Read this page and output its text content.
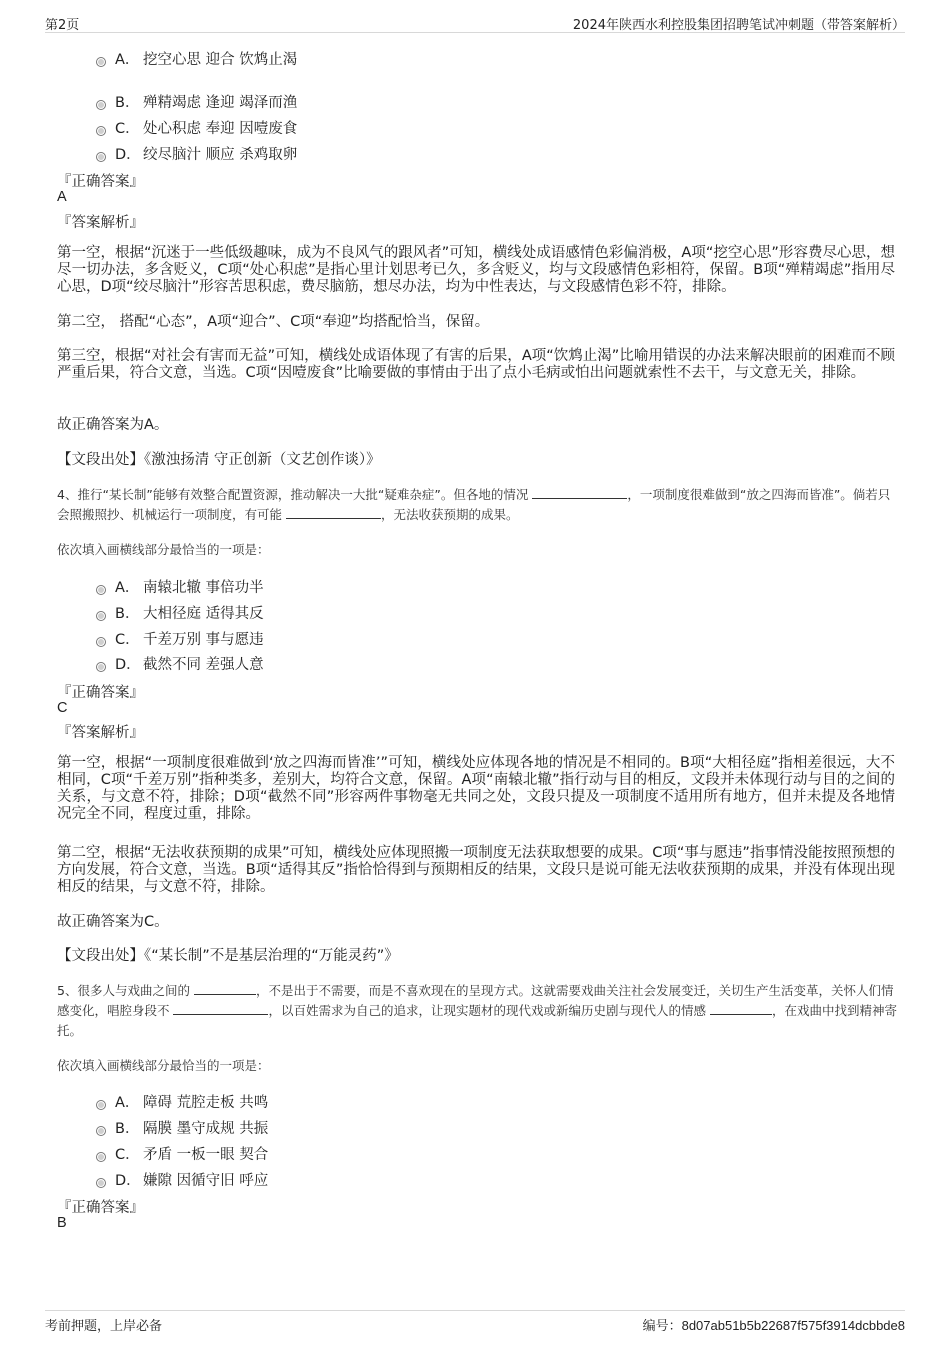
第2页	2024年陕西水利控股集团招聘笔试冲刺题（带答案解析）
A． 挖空心思 迎合 饮鸩止渴
B． 殚精竭虑 逢迎 竭泽而渔
C． 处心积虑 奉迎 因噎废食
D． 绞尽脑汁 顺应 杀鸡取卵
『正确答案』
A
『答案解析』
第一空，根据“沉迷于一些低级趣味，成为不良风气的跟风者”可知，横线处成语感情色彩偏消极，A项“挖空心思”形容费尽心思，想尽一切办法，多含贬义，C项“处心积虑”是指心里计划思考已久，多含贬义，均与文段感情色彩相符，保留。B项“殚精竭虑”指用尽心思，D项“绞尽脑汁”形容苦思积虑，费尽脑筋，想尽办法，均为中性表达，与文段感情色彩不符，排除。
第二空， 搭配“心态”，A项“迎合”、C项“奉迎”均搭配恰当，保留。
第三空，根据“对社会有害而无益”可知，横线处成语体现了有害的后果，A项“饮鸩止渴”比喻用错误的办法来解决眼前的困难而不顾严重后果，符合文意，当选。C项“因噎废食”比喻要做的事情由于出了点小毛病或怕出问题就索性不去干，与文意无关，排除。
故正确答案为A。
【文段出处】《激浊扬清 守正创新（文艺创作谈）》
4、推行“某长制”能够有效整合配置资源，推动解决一大批“疑难杂症”。但各地的情况	，一项制度很难做到“放之四海而皆准”。倘若只会照搬照抄、机械运行一项制度，有可能	，无法收获预期的成果。
依次填入画横线部分最恰当的一项是：
A． 南辕北辙 事倍功半
B． 大相径庭 适得其反
C． 千差万别 事与愿违
D． 截然不同 差强人意
『正确答案』
C
『答案解析』
第一空，根据“一项制度很难做到‘放之四海而皆准’”可知，横线处应体现各地的情况是不相同的。B项“大相径庭”指相差很远，大不相同，C项“千差万别”指种类多，差别大，均符合文意，保留。A项“南辕北辙”指行动与目的相反，文段并未体现行动与目的之间的关系，与文意不符，排除；D项“截然不同”形容两件事物毫无共同之处，文段只提及一项制度不适用所有地方，但并未提及各地情况完全不同，程度过重，排除。
第二空，根据“无法收获预期的成果”可知，横线处应体现照搬一项制度无法获取想要的成果。C项“事与愿违”指事情没能按照预想的方向发展，符合文意，当选。B项“适得其反”指恰恰得到与预期相反的结果，文段只是说可能无法收获预期的成果，并没有体现出现相反的结果，与文意不符，排除。
故正确答案为C。
【文段出处】《“某长制”不是基层治理的“万能灵药”》
5、很多人与戏曲之间的	，不是出于不需要，而是不喜欢现在的呈现方式。这就需要戏曲关注社会发展变迁，关切生产生活变革，关怀人们情感变化，唱腔身段不	，以百姓需求为自己的追求，让现实题材的现代戏或新编历史剧与现代人的情感	，在戏曲中找到精神寄托。
依次填入画横线部分最恰当的一项是：
A． 障碍 荒腔走板 共鸣
B． 隔膜 墨守成规 共振
C． 矛盾 一板一眼 契合
D． 嫌隙 因循守旧 呼应
『正确答案』
B
考前押题，上岸必备	编号：8d07ab51b5b22687f575f3914dcbbde8
